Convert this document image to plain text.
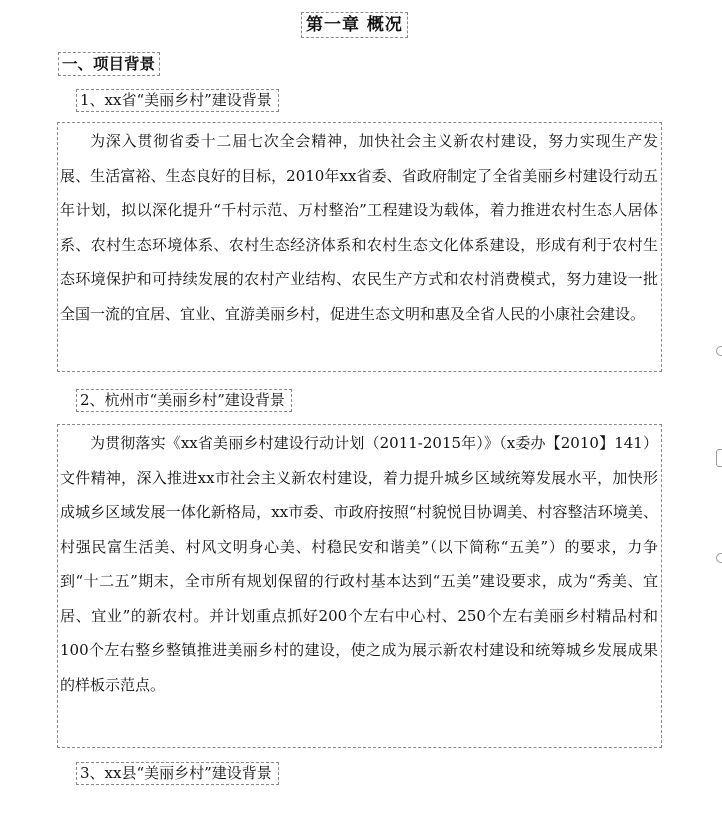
第一章 概况
一、项目背景
1、xx省“美丽乡村”建设背景
为深入贯彻省委十二届七次全会精神，加快社会主义新农村建设，努力实现生产发展、生活富裕、生态良好的目标，2010年xx省委、省政府制定了全省美丽乡村建设行动五年计划，拟以深化提升“千村示范、万村整治”工程建设为载体，着力推进农村生态人居体系、农村生态环境体系、农村生态经济体系和农村生态文化体系建设，形成有利于农村生态环境保护和可持续发展的农村产业结构、农民生产方式和农村消费模式，努力建设一批全国一流的宜居、宜业、宜游美丽乡村，促进生态文明和惠及全省人民的小康社会建设。
2、杭州市“美丽乡村”建设背景
为贯彻落实《xx省美丽乡村建设行动计划（2011-2015年）》（x委办【2010】141）文件精神，深入推进xx市社会主义新农村建设，着力提升城乡区域统筹发展水平，加快形成城乡区域发展一体化新格局，xx市委、市政府按照“村貌悦目协调美、村容整洁环境美、村强民富生活美、村风文明身心美、村稳民安和谐美”（以下简称“五美”）的要求，力争到“十二五”期末，全市所有规划保留的行政村基本达到“五美”建设要求，成为“秀美、宜居、宜业”的新农村。并计划重点抓好200个左右中心村、250个左右美丽乡村精品村和100个左右整乡整镇推进美丽乡村的建设，使之成为展示新农村建设和统筹城乡发展成果的样板示范点。
3、xx县“美丽乡村”建设背景
